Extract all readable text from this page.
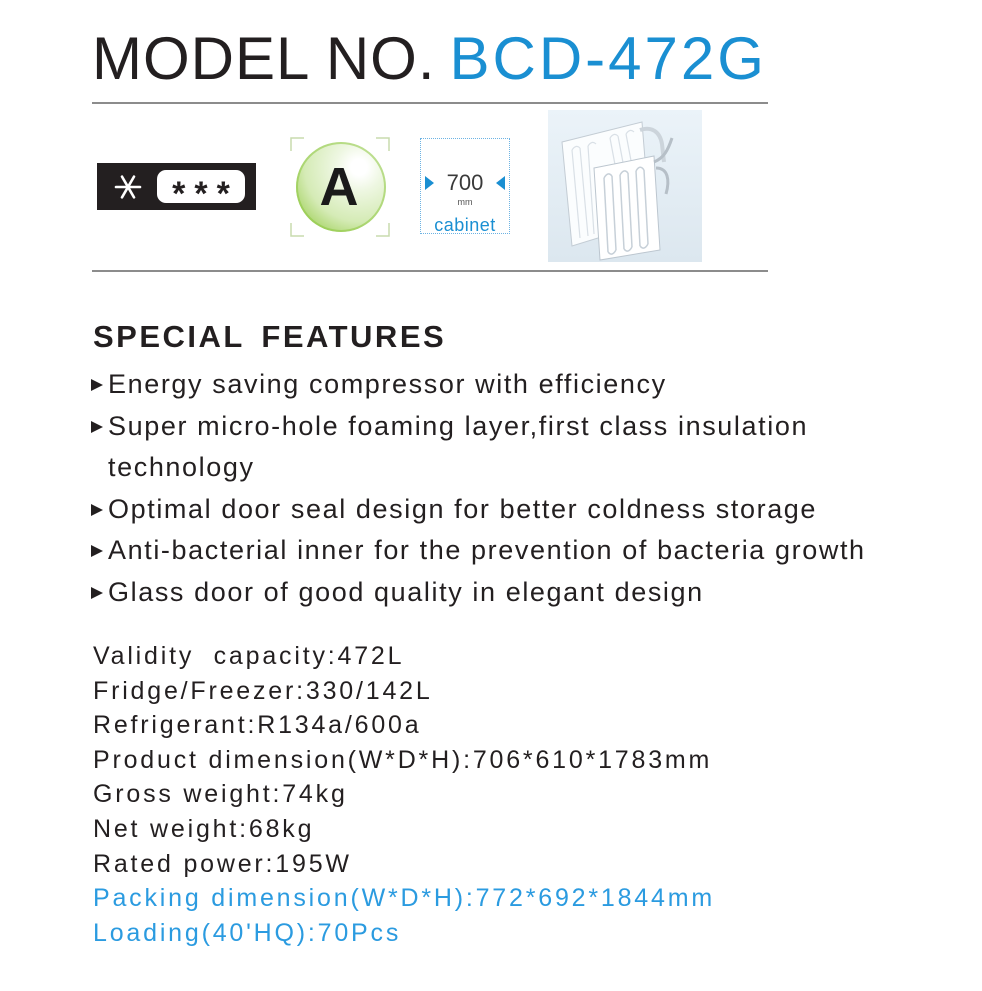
MODEL NO. BCD-472G
***	A	700
mm
cabinet
SPECIAL FEATURES
Energy saving compressor with efficiency
Super micro-hole foaming layer,first class insulation technology
Optimal door seal design for better coldness storage
Anti-bacterial inner for the prevention of bacteria growth
Glass door of good quality in elegant design
Validity  capacity:472L
Fridge/Freezer:330/142L
Refrigerant:R134a/600a
Product dimension(W*D*H):706*610*1783mm
Gross weight:74kg
Net weight:68kg
Rated power:195W
Packing dimension(W*D*H):772*692*1844mm
Loading(40'HQ):70Pcs
